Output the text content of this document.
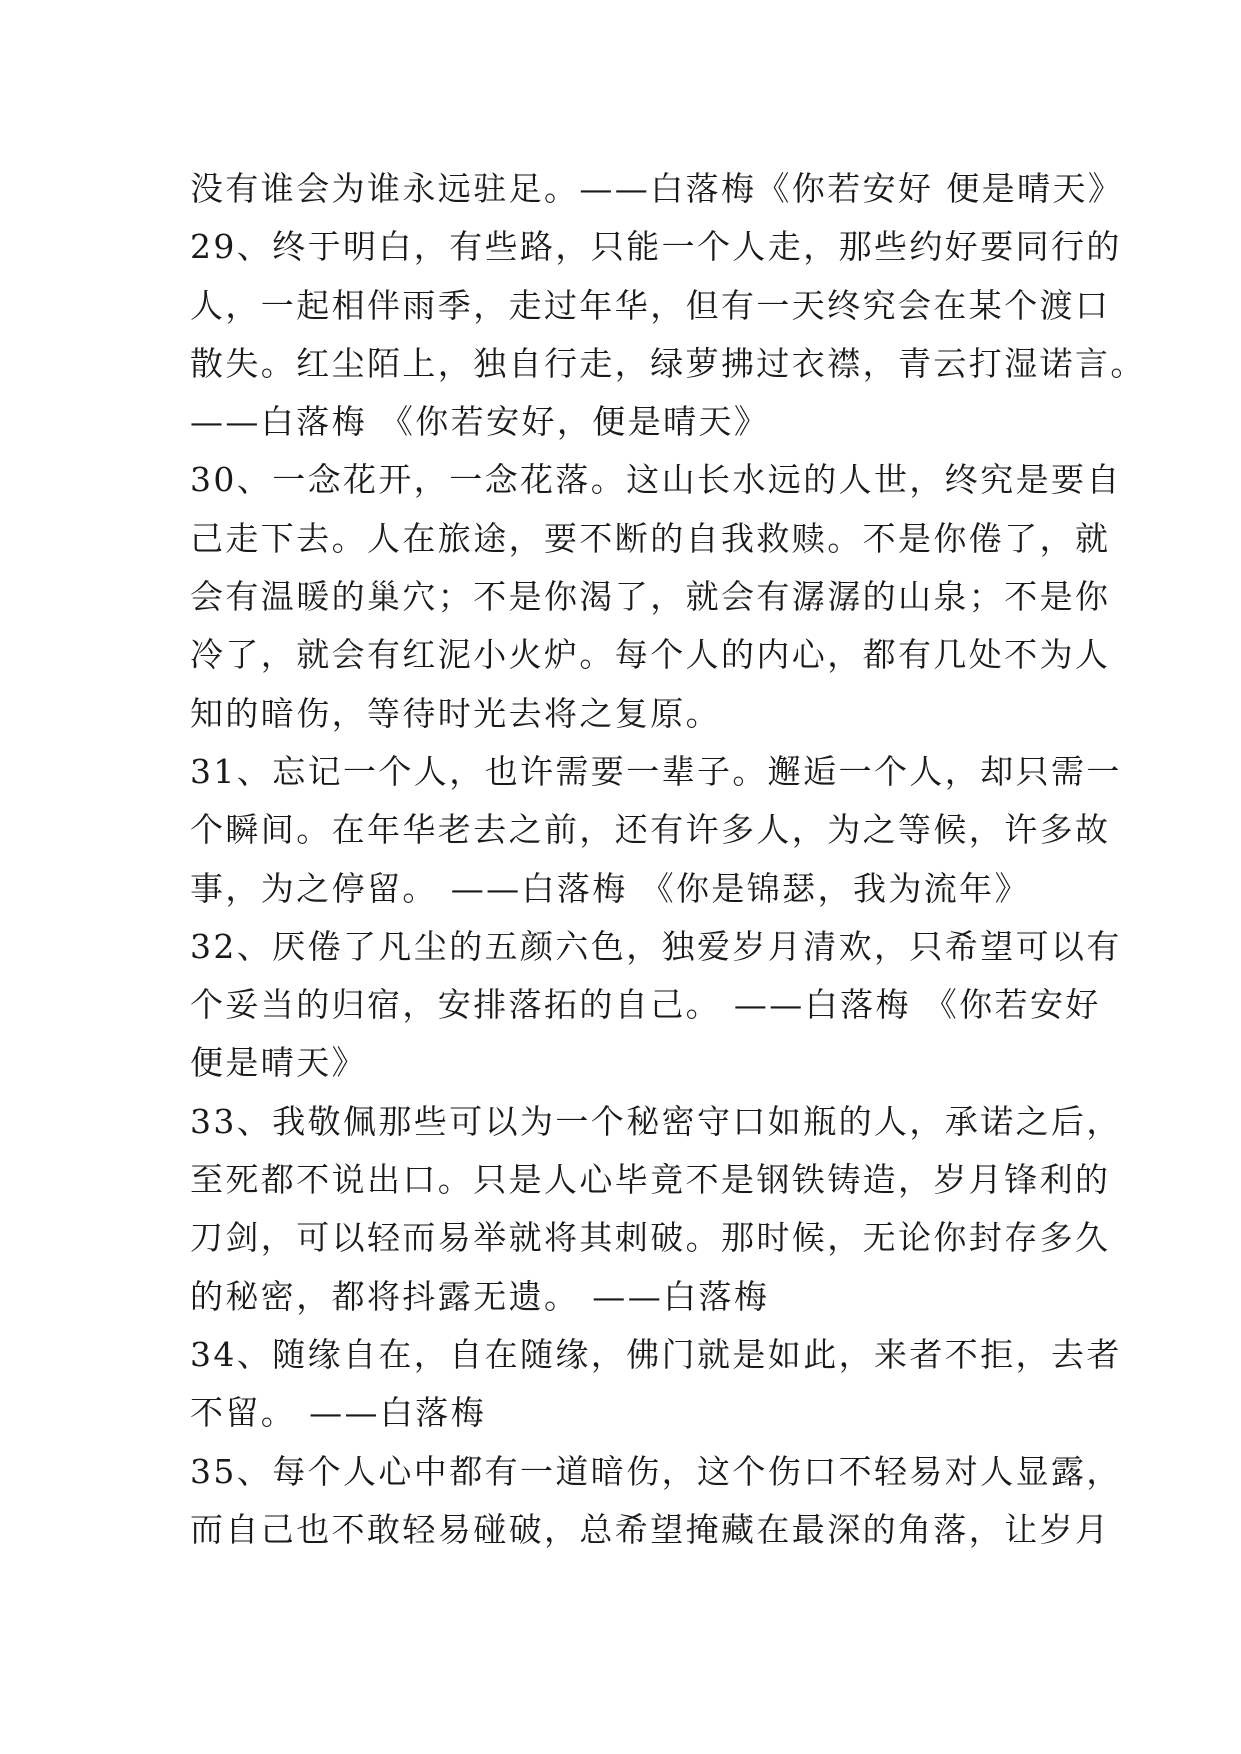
没有谁会为谁永远驻足。——白落梅《你若安好 便是晴天》
29、终于明白，有些路，只能一个人走，那些约好要同行的
人，一起相伴雨季，走过年华，但有一天终究会在某个渡口
散失。红尘陌上，独自行走，绿萝拂过衣襟，青云打湿诺言。
——白落梅 《你若安好，便是晴天》
30、一念花开，一念花落。这山长水远的人世，终究是要自
己走下去。人在旅途，要不断的自我救赎。不是你倦了，就
会有温暖的巢穴；不是你渴了，就会有潺潺的山泉；不是你
冷了，就会有红泥小火炉。每个人的内心，都有几处不为人
知的暗伤，等待时光去将之复原。
31、忘记一个人，也许需要一辈子。邂逅一个人，却只需一
个瞬间。在年华老去之前，还有许多人，为之等候，许多故
事，为之停留。 ——白落梅 《你是锦瑟，我为流年》
32、厌倦了凡尘的五颜六色，独爱岁月清欢，只希望可以有
个妥当的归宿，安排落拓的自己。 ——白落梅 《你若安好
便是晴天》
33、我敬佩那些可以为一个秘密守口如瓶的人，承诺之后，
至死都不说出口。只是人心毕竟不是钢铁铸造，岁月锋利的
刀剑，可以轻而易举就将其刺破。那时候，无论你封存多久
的秘密，都将抖露无遗。 ——白落梅
34、随缘自在，自在随缘，佛门就是如此，来者不拒，去者
不留。 ——白落梅
35、每个人心中都有一道暗伤，这个伤口不轻易对人显露，
而自己也不敢轻易碰破，总希望掩藏在最深的角落，让岁月
